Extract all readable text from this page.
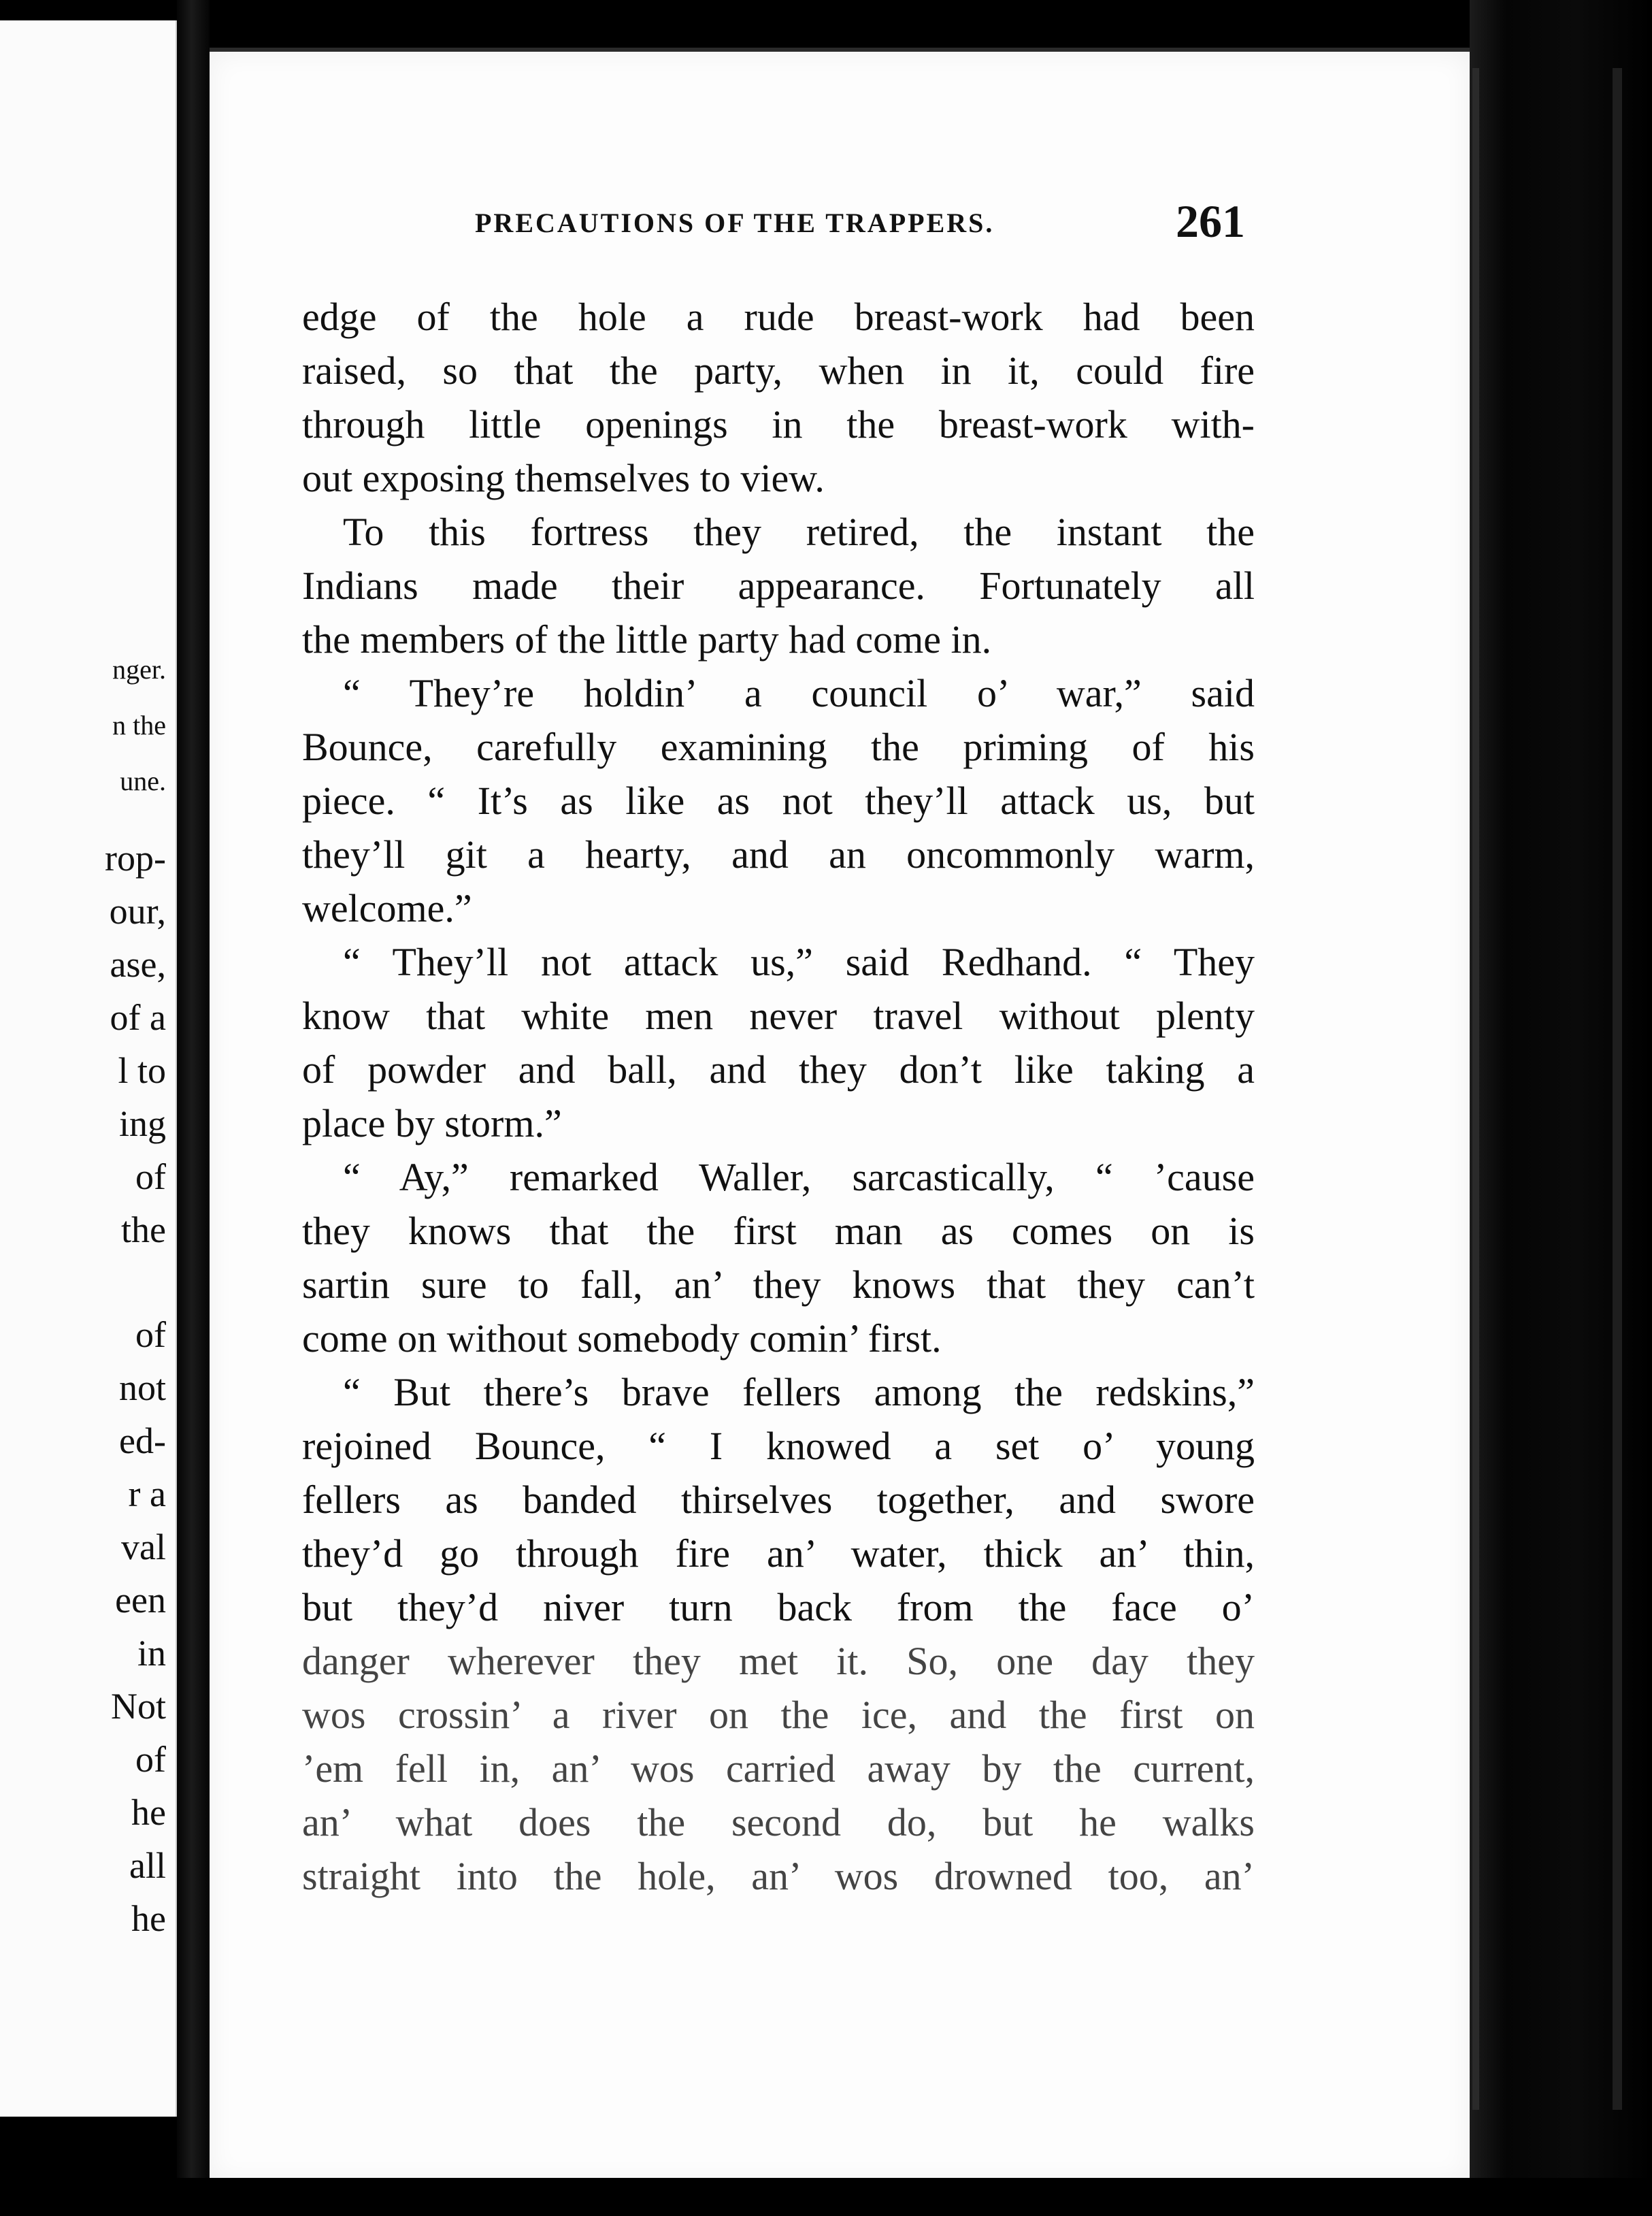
nger.
n the
une.
rop-
our,
ase,
of a
l to
ing
of
the
of
not
ed-
r a
val
een
in
Not
of
he
all
he
PRECAUTIONS OF THE TRAPPERS.	261
edge of the hole a rude breast-work had been
raised, so that the party, when in it, could fire
through little openings in the breast-work with-
out exposing themselves to view.
To this fortress they retired, the instant the
Indians made their appearance. Fortunately all
the members of the little party had come in.
“ They’re holdin’ a council o’ war,” said
Bounce, carefully examining the priming of his
piece. “ It’s as like as not they’ll attack us, but
they’ll git a hearty, and an oncommonly warm,
welcome.”
“ They’ll not attack us,” said Redhand. “ They
know that white men never travel without plenty
of powder and ball, and they don’t like taking a
place by storm.”
“ Ay,” remarked Waller, sarcastically, “ ’cause
they knows that the first man as comes on is
sartin sure to fall, an’ they knows that they can’t
come on without somebody comin’ first.
“ But there’s brave fellers among the redskins,”
rejoined Bounce, “ I knowed a set o’ young
fellers as banded thirselves together, and swore
they’d go through fire an’ water, thick an’ thin,
but they’d niver turn back from the face o’
danger wherever they met it. So, one day they
wos crossin’ a river on the ice, and the first on
’em fell in, an’ wos carried away by the current,
an’ what does the second do, but he walks
straight into the hole, an’ wos drowned too, an’
